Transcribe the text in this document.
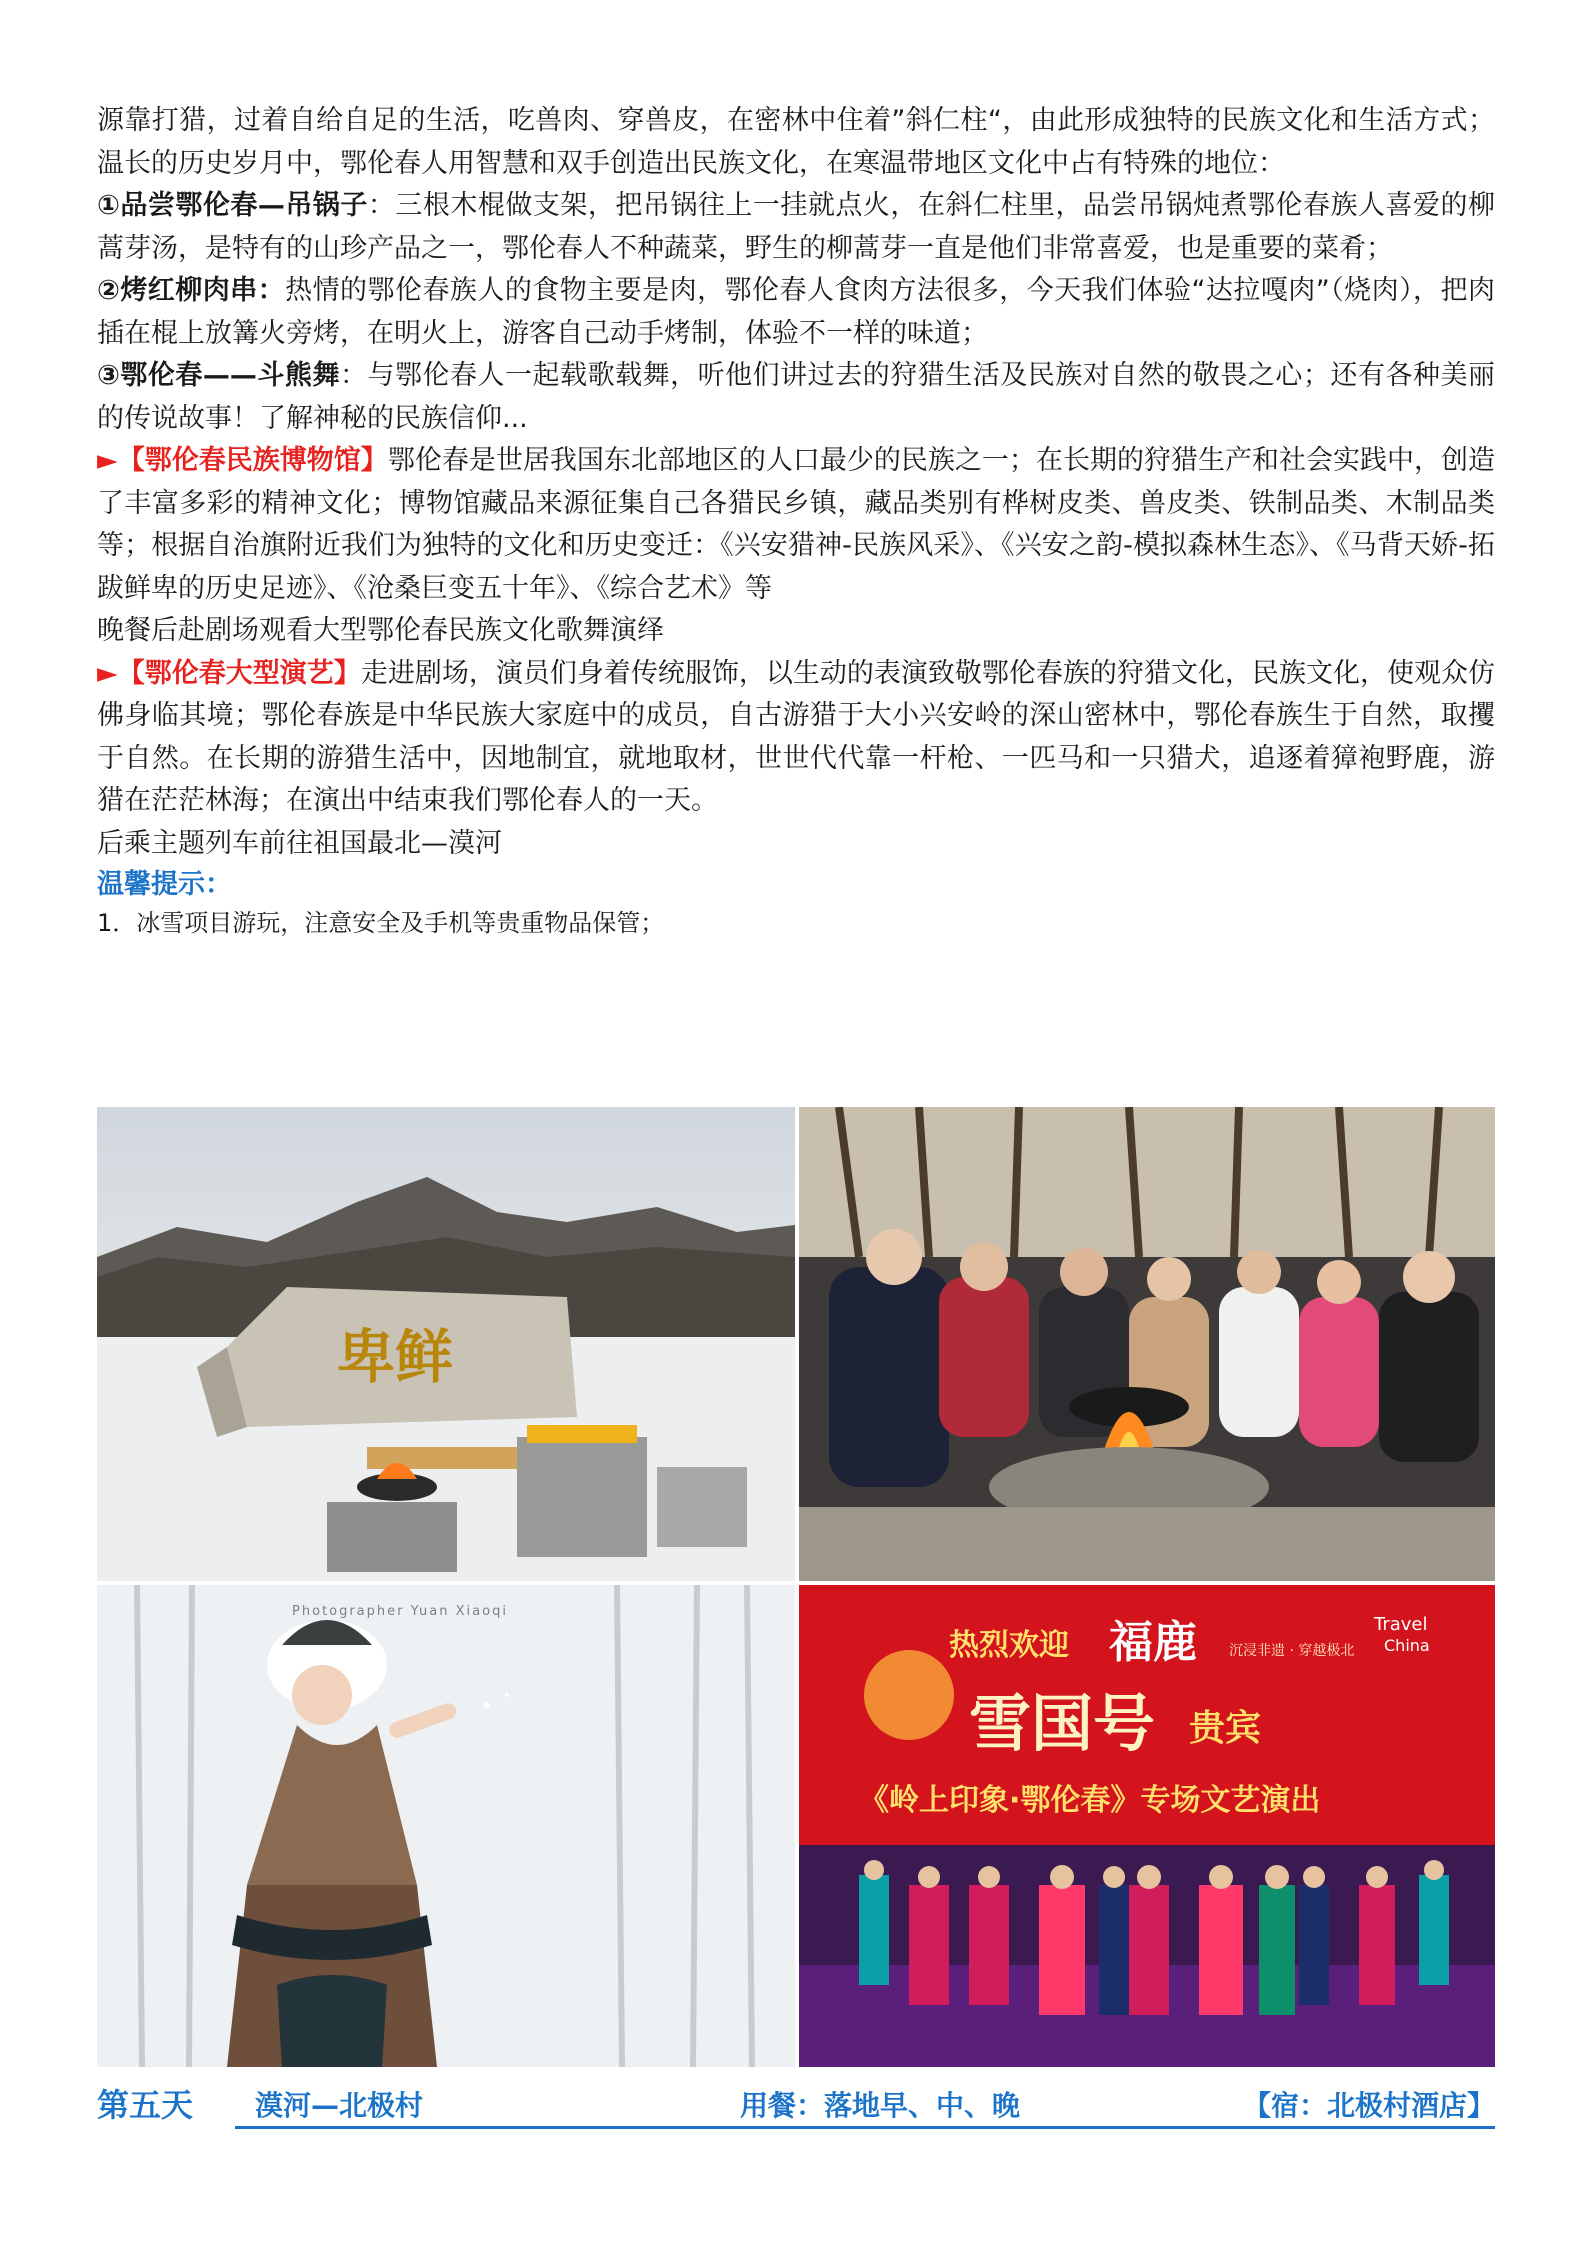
源靠打猎，过着自给自足的生活，吃兽肉、穿兽皮，在密林中住着”斜仁柱“，由此形成独特的民族文化和生活方式；温长的历史岁月中，鄂伦春人用智慧和双手创造出民族文化，在寒温带地区文化中占有特殊的地位：

①品尝鄂伦春—吊锅子：三根木棍做支架，把吊锅往上一挂就点火，在斜仁柱里，品尝吊锅炖煮鄂伦春族人喜爱的柳蒿芽汤，是特有的山珍产品之一，鄂伦春人不种蔬菜，野生的柳蒿芽一直是他们非常喜爱，也是重要的菜肴；

②烤红柳肉串：热情的鄂伦春族人的食物主要是肉，鄂伦春人食肉方法很多，今天我们体验“达拉嘎肉”（烧肉），把肉插在棍上放篝火旁烤，在明火上，游客自己动手烤制，体验不一样的味道；

③鄂伦春——斗熊舞：与鄂伦春人一起载歌载舞，听他们讲过去的狩猎生活及民族对自然的敬畏之心；还有各种美丽的传说故事！了解神秘的民族信仰...

►【鄂伦春民族博物馆】鄂伦春是世居我国东北部地区的人口最少的民族之一；在长期的狩猎生产和社会实践中，创造了丰富多彩的精神文化；博物馆藏品来源征集自己各猎民乡镇，藏品类别有桦树皮类、兽皮类、铁制品类、木制品类等；根据自治旗附近我们为独特的文化和历史变迁：《兴安猎神-民族风采》、《兴安之韵-模拟森林生态》、《马背天娇-拓跋鲜卑的历史足迹》、《沧桑巨变五十年》、《综合艺术》等

晚餐后赴剧场观看大型鄂伦春民族文化歌舞演绎

►【鄂伦春大型演艺】走进剧场，演员们身着传统服饰，以生动的表演致敬鄂伦春族的狩猎文化，民族文化，使观众仿佛身临其境；鄂伦春族是中华民族大家庭中的成员，自古游猎于大小兴安岭的深山密林中，鄂伦春族生于自然，取攫于自然。在长期的游猎生活中，因地制宜，就地取材，世世代代靠一杆枪、一匹马和一只猎犬，追逐着獐袍野鹿，游猎在茫茫林海；在演出中结束我们鄂伦春人的一天。

后乘主题列车前往祖国最北—漠河

温馨提示：

1．冰雪项目游玩，注意安全及手机等贵重物品保管；

卑鲜
Photographer Yuan Xiaoqi
热烈欢迎 福鹿 沉浸非遗 · 穿越极北
Travel
China
雪国号 贵宾
《岭上印象·鄂伦春》专场文艺演出
第五天 漠河—北极村	用餐：落地早、中、晚	【宿：北极村酒店】
